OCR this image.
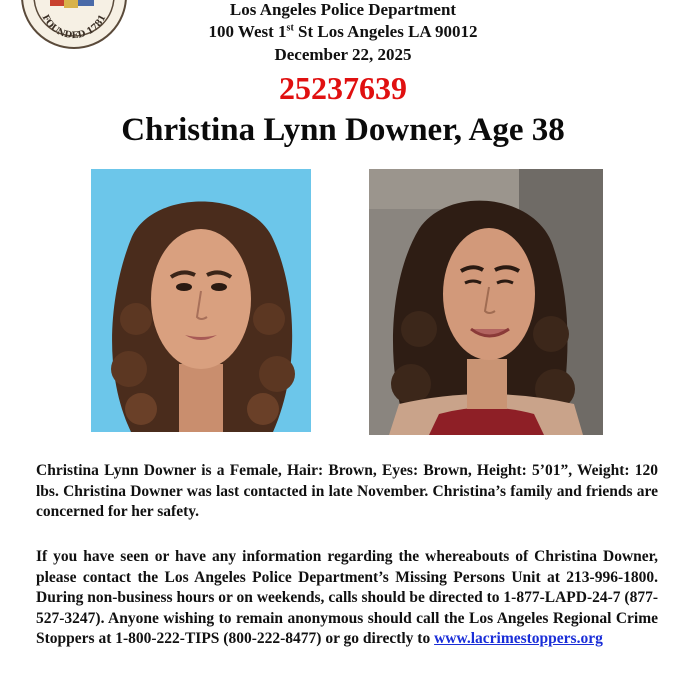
FOUNDED 1781	Los Angeles Police Department
100 West 1st St Los Angeles LA 90012
December 22, 2025
25237639
Christina Lynn Downer, Age 38

Christina Lynn Downer is a Female, Hair: Brown, Eyes: Brown, Height: 5’01”, Weight: 120 lbs. Christina Downer was last contacted in late November. Christina’s family and friends are concerned for her safety.

If you have seen or have any information regarding the whereabouts of Christina Downer, please contact the Los Angeles Police Department’s Missing Persons Unit at 213-996-1800. During non-business hours or on weekends, calls should be directed to 1-877-LAPD-24-7 (877-527-3247). Anyone wishing to remain anonymous should call the Los Angeles Regional Crime Stoppers at 1-800-222-TIPS (800-222-8477) or go directly to www.lacrimestoppers.org
